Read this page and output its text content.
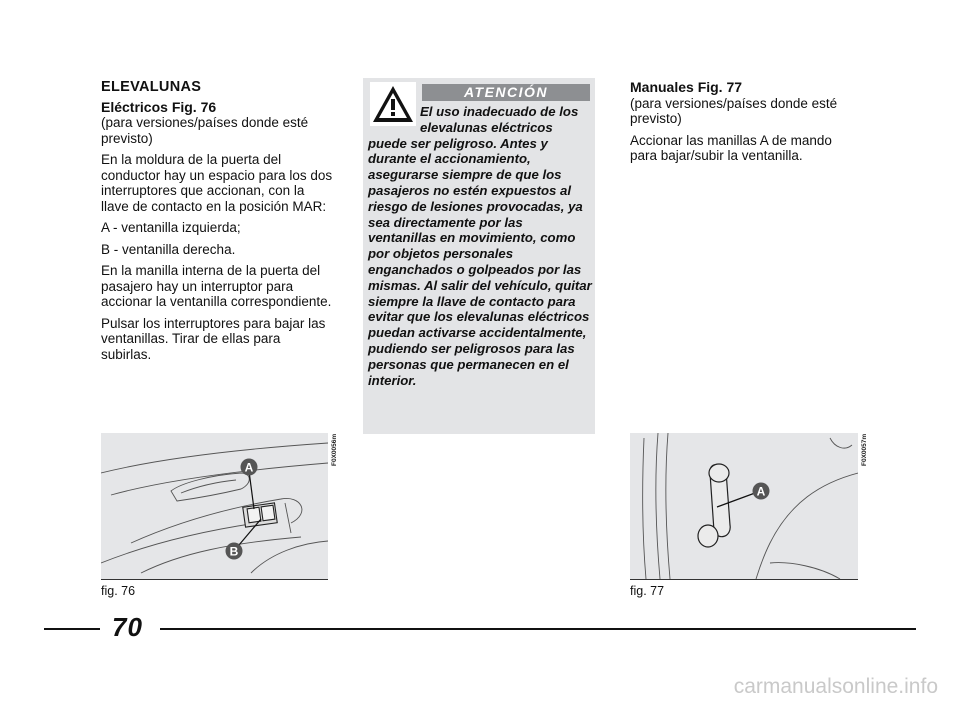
ELEVALUNAS

Eléctricos Fig. 76

(para versiones/países donde esté previsto)

En la moldura de la puerta del conductor hay un espacio para los dos interruptores que accionan, con la llave de contacto en la posición MAR:

A - ventanilla izquierda;

B - ventanilla derecha.

En la manilla interna de la puerta del pasajero hay un interruptor para accionar la ventanilla correspondiente.

Pulsar los interruptores para bajar las ventanillas. Tirar de ellas para subirlas.

ATENCIÓN
El uso inadecuado de los elevalunas eléctricos puede ser peligroso. Antes y durante el accionamiento, asegurarse siempre de que los pasajeros no estén expuestos al riesgo de lesiones provocadas, ya sea directamente por las ventanillas en movimiento, como por objetos personales enganchados o golpeados por las mismas. Al salir del vehículo, quitar siempre la llave de contacto para evitar que los elevalunas eléctricos puedan activarse accidentalmente, pudiendo ser peligrosos para las personas que permanecen en el interior.

Manuales Fig. 77

(para versiones/países donde esté previsto)

Accionar las manillas A de mando para bajar/subir la ventanilla.

A
B
F0X0056m
fig. 76
A
F0X0057m
fig. 77
70
carmanualsonline.info
